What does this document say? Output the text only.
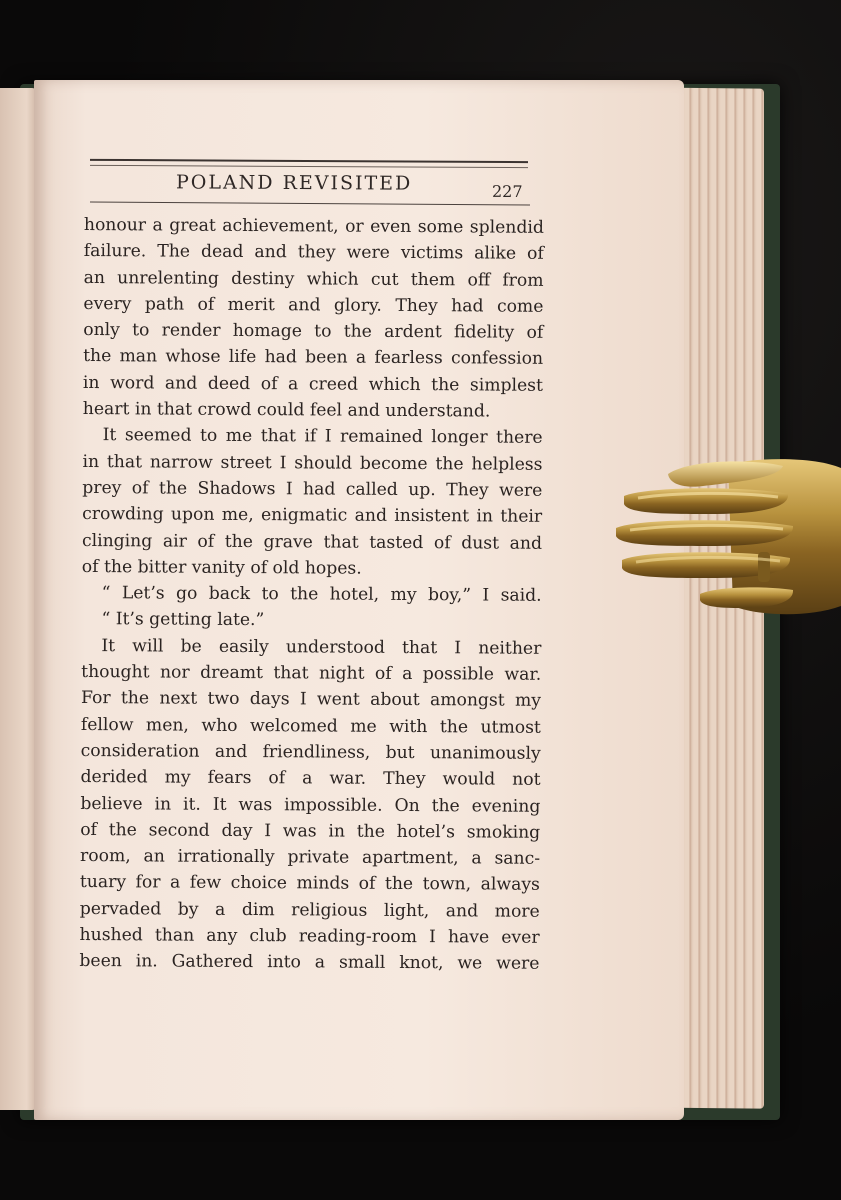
POLAND REVISITED	227
honour a great achievement, or even some splendid
failure. The dead and they were victims alike of
an unrelenting destiny which cut them off from
every path of merit and glory. They had come
only to render homage to the ardent fidelity of
the man whose life had been a fearless confession
in word and deed of a creed which the simplest
heart in that crowd could feel and understand.
It seemed to me that if I remained longer there
in that narrow street I should become the helpless
prey of the Shadows I had called up. They were
crowding upon me, enigmatic and insistent in their
clinging air of the grave that tasted of dust and
of the bitter vanity of old hopes.
“ Let’s go back to the hotel, my boy,” I said.
“ It’s getting late.”
It will be easily understood that I neither
thought nor dreamt that night of a possible war.
For the next two days I went about amongst my
fellow men, who welcomed me with the utmost
consideration and friendliness, but unanimously
derided my fears of a war. They would not
believe in it. It was impossible. On the evening
of the second day I was in the hotel’s smoking
room, an irrationally private apartment, a sanc-
tuary for a few choice minds of the town, always
pervaded by a dim religious light, and more
hushed than any club reading-room I have ever
been in. Gathered into a small knot, we were
